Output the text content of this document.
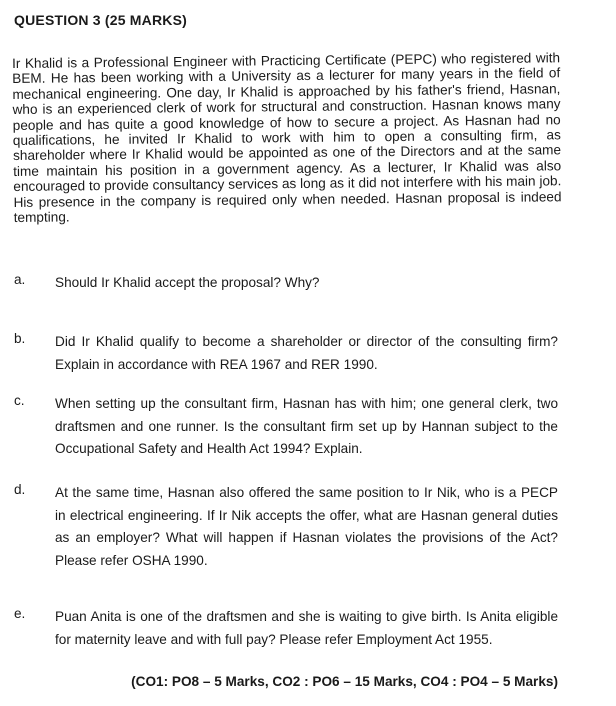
QUESTION 3 (25 MARKS)
Ir Khalid is a Professional Engineer with Practicing Certificate (PEPC) who registered with BEM. He has been working with a University as a lecturer for many years in the field of mechanical engineering. One day, Ir Khalid is approached by his father's friend, Hasnan, who is an experienced clerk of work for structural and construction. Hasnan knows many people and has quite a good knowledge of how to secure a project. As Hasnan had no qualifications, he invited Ir Khalid to work with him to open a consulting firm, as shareholder where Ir Khalid would be appointed as one of the Directors and at the same time maintain his position in a government agency. As a lecturer, Ir Khalid was also encouraged to provide consultancy services as long as it did not interfere with his main job. His presence in the company is required only when needed. Hasnan proposal is indeed tempting.
a. Should Ir Khalid accept the proposal? Why?
b. Did Ir Khalid qualify to become a shareholder or director of the consulting firm? Explain in accordance with REA 1967 and RER 1990.
c. When setting up the consultant firm, Hasnan has with him; one general clerk, two draftsmen and one runner. Is the consultant firm set up by Hannan subject to the Occupational Safety and Health Act 1994? Explain.
d. At the same time, Hasnan also offered the same position to Ir Nik, who is a PECP in electrical engineering. If Ir Nik accepts the offer, what are Hasnan general duties as an employer? What will happen if Hasnan violates the provisions of the Act? Please refer OSHA 1990.
e. Puan Anita is one of the draftsmen and she is waiting to give birth. Is Anita eligible for maternity leave and with full pay? Please refer Employment Act 1955.
(CO1: PO8 – 5 Marks, CO2 : PO6 – 15 Marks, CO4 : PO4 – 5 Marks)
